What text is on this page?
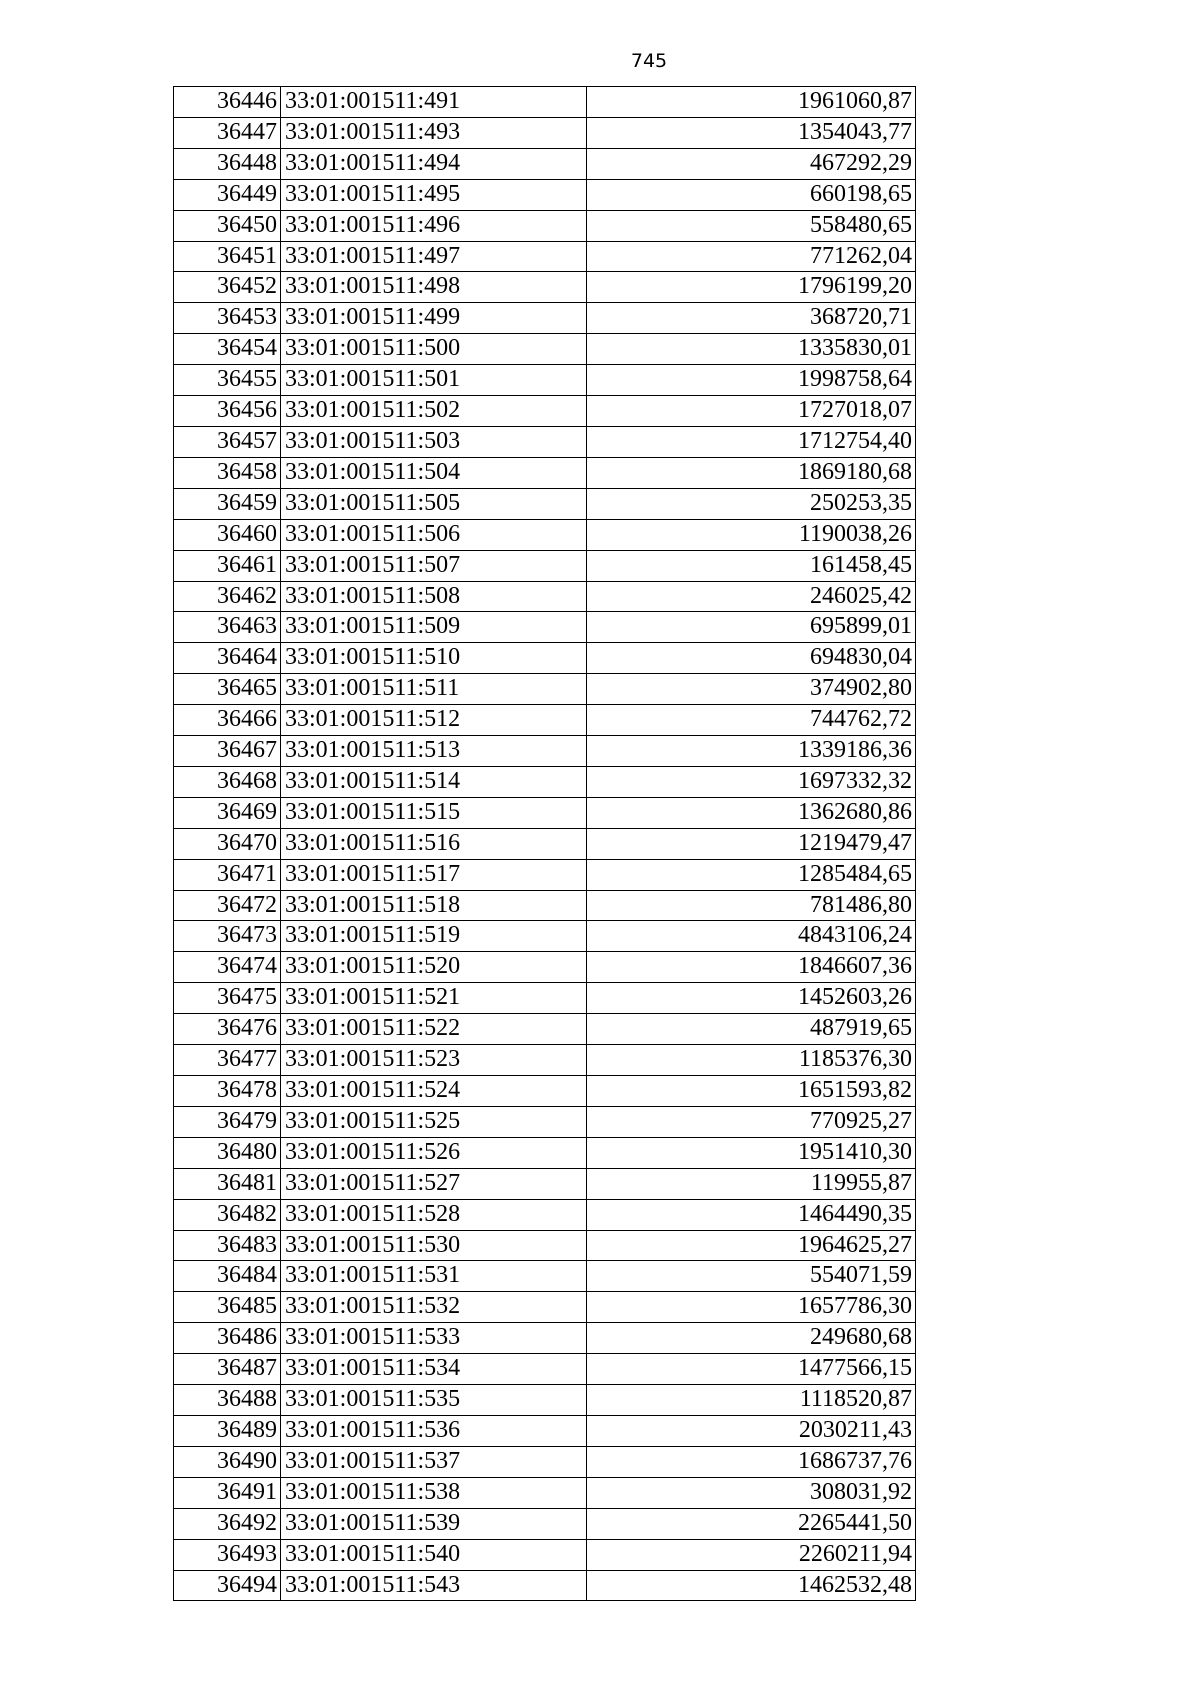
745
36446	33:01:001511:491	1961060,87
36447	33:01:001511:493	1354043,77
36448	33:01:001511:494	467292,29
36449	33:01:001511:495	660198,65
36450	33:01:001511:496	558480,65
36451	33:01:001511:497	771262,04
36452	33:01:001511:498	1796199,20
36453	33:01:001511:499	368720,71
36454	33:01:001511:500	1335830,01
36455	33:01:001511:501	1998758,64
36456	33:01:001511:502	1727018,07
36457	33:01:001511:503	1712754,40
36458	33:01:001511:504	1869180,68
36459	33:01:001511:505	250253,35
36460	33:01:001511:506	1190038,26
36461	33:01:001511:507	161458,45
36462	33:01:001511:508	246025,42
36463	33:01:001511:509	695899,01
36464	33:01:001511:510	694830,04
36465	33:01:001511:511	374902,80
36466	33:01:001511:512	744762,72
36467	33:01:001511:513	1339186,36
36468	33:01:001511:514	1697332,32
36469	33:01:001511:515	1362680,86
36470	33:01:001511:516	1219479,47
36471	33:01:001511:517	1285484,65
36472	33:01:001511:518	781486,80
36473	33:01:001511:519	4843106,24
36474	33:01:001511:520	1846607,36
36475	33:01:001511:521	1452603,26
36476	33:01:001511:522	487919,65
36477	33:01:001511:523	1185376,30
36478	33:01:001511:524	1651593,82
36479	33:01:001511:525	770925,27
36480	33:01:001511:526	1951410,30
36481	33:01:001511:527	119955,87
36482	33:01:001511:528	1464490,35
36483	33:01:001511:530	1964625,27
36484	33:01:001511:531	554071,59
36485	33:01:001511:532	1657786,30
36486	33:01:001511:533	249680,68
36487	33:01:001511:534	1477566,15
36488	33:01:001511:535	1118520,87
36489	33:01:001511:536	2030211,43
36490	33:01:001511:537	1686737,76
36491	33:01:001511:538	308031,92
36492	33:01:001511:539	2265441,50
36493	33:01:001511:540	2260211,94
36494	33:01:001511:543	1462532,48
